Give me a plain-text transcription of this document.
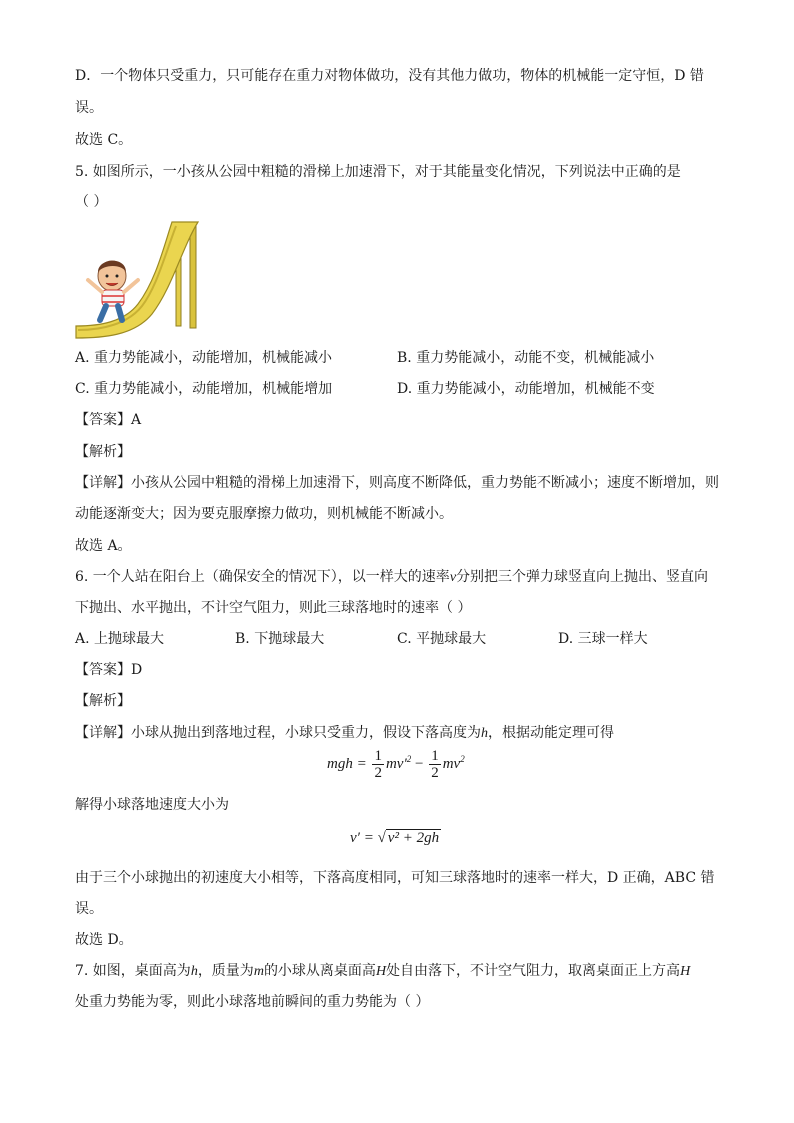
D．一个物体只受重力，只可能存在重力对物体做功，没有其他力做功，物体的机械能一定守恒，D 错
误。
故选 C。
5. 如图所示，一小孩从公园中粗糙的滑梯上加速滑下，对于其能量变化情况，下列说法中正确的是
（ ）
A. 重力势能减小，动能增加，机械能减小	B. 重力势能减小，动能不变，机械能减小
C. 重力势能减小，动能增加，机械能增加	D. 重力势能减小，动能增加，机械能不变
【答案】A
【解析】
【详解】小孩从公园中粗糙的滑梯上加速滑下，则高度不断降低，重力势能不断减小；速度不断增加，则
动能逐渐变大；因为要克服摩擦力做功，则机械能不断减小。
故选 A。
6. 一个人站在阳台上（确保安全的情况下），以一样大的速率v分别把三个弹力球竖直向上抛出、竖直向
下抛出、水平抛出，不计空气阻力，则此三球落地时的速率（ ）
A. 上抛球最大	B. 下抛球最大	C. 平抛球最大	D. 三球一样大
【答案】D
【解析】
【详解】小球从抛出到落地过程，小球只受重力，假设下落高度为h，根据动能定理可得
mgh = $\frac{1}{2} mv'^2 - \frac{1}{2} mv^2$
解得小球落地速度大小为
v′ = √ v² + 2gh
由于三个小球抛出的初速度大小相等，下落高度相同，可知三球落地时的速率一样大，D 正确，ABC 错
误。
故选 D。
7. 如图，桌面高为h，质量为m的小球从离桌面高H处自由落下，不计空气阻力，取离桌面正上方高H
处重力势能为零，则此小球落地前瞬间的重力势能为（ ）
